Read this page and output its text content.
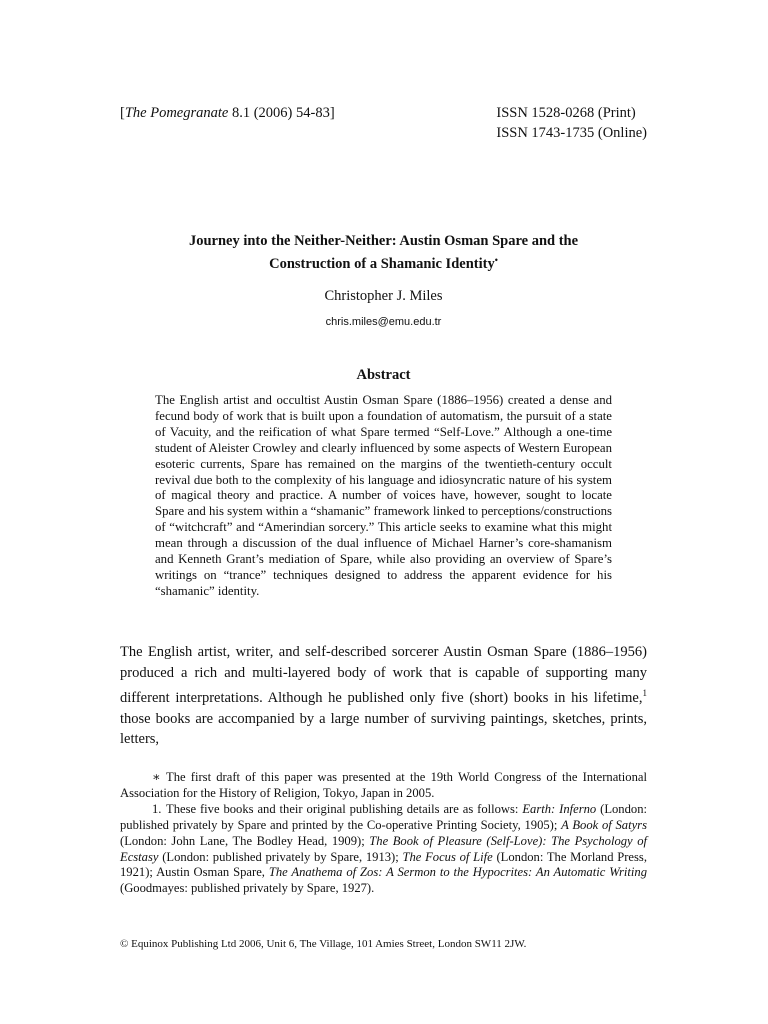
[The Pomegranate 8.1 (2006) 54-83]	ISSN 1528-0268 (Print)
ISSN 1743-1735 (Online)
Journey into the Neither-Neither: Austin Osman Spare and the
Construction of a Shamanic Identity•
Christopher J. Miles
chris.miles@emu.edu.tr
Abstract

The English artist and occultist Austin Osman Spare (1886–1956) created a dense and fecund body of work that is built upon a foundation of automatism, the pursuit of a state of Vacuity, and the reification of what Spare termed “Self-Love.” Although a one-time student of Aleister Crowley and clearly influenced by some aspects of Western European esoteric currents, Spare has remained on the margins of the twentieth-century occult revival due both to the complexity of his language and idiosyncratic nature of his system of magical theory and practice. A number of voices have, however, sought to locate Spare and his system within a “shamanic” framework linked to perceptions/constructions of “witchcraft” and “Amerindian sorcery.” This article seeks to examine what this might mean through a discussion of the dual influence of Michael Harner’s core-shamanism and Kenneth Grant’s mediation of Spare, while also providing an overview of Spare’s writings on “trance” techniques designed to address the apparent evidence for his “shamanic” identity.

The English artist, writer, and self-described sorcerer Austin Osman Spare (1886–1956) produced a rich and multi-layered body of work that is capable of supporting many different interpretations. Although he published only five (short) books in his lifetime,$^1$ those books are accompanied by a large number of surviving paintings, sketches, prints, letters,

∗ The first draft of this paper was presented at the 19th World Congress of the International Association for the History of Religion, Tokyo, Japan in 2005.

1. These five books and their original publishing details are as follows: Earth: Inferno (London: published privately by Spare and printed by the Co-operative Printing Society, 1905); A Book of Satyrs (London: John Lane, The Bodley Head, 1909); The Book of Pleasure (Self-Love): The Psychology of Ecstasy (London: published privately by Spare, 1913); The Focus of Life (London: The Morland Press, 1921); Austin Osman Spare, The Anathema of Zos: A Sermon to the Hypocrites: An Automatic Writing (Goodmayes: published privately by Spare, 1927).

© Equinox Publishing Ltd 2006, Unit 6, The Village, 101 Amies Street, London SW11 2JW.
